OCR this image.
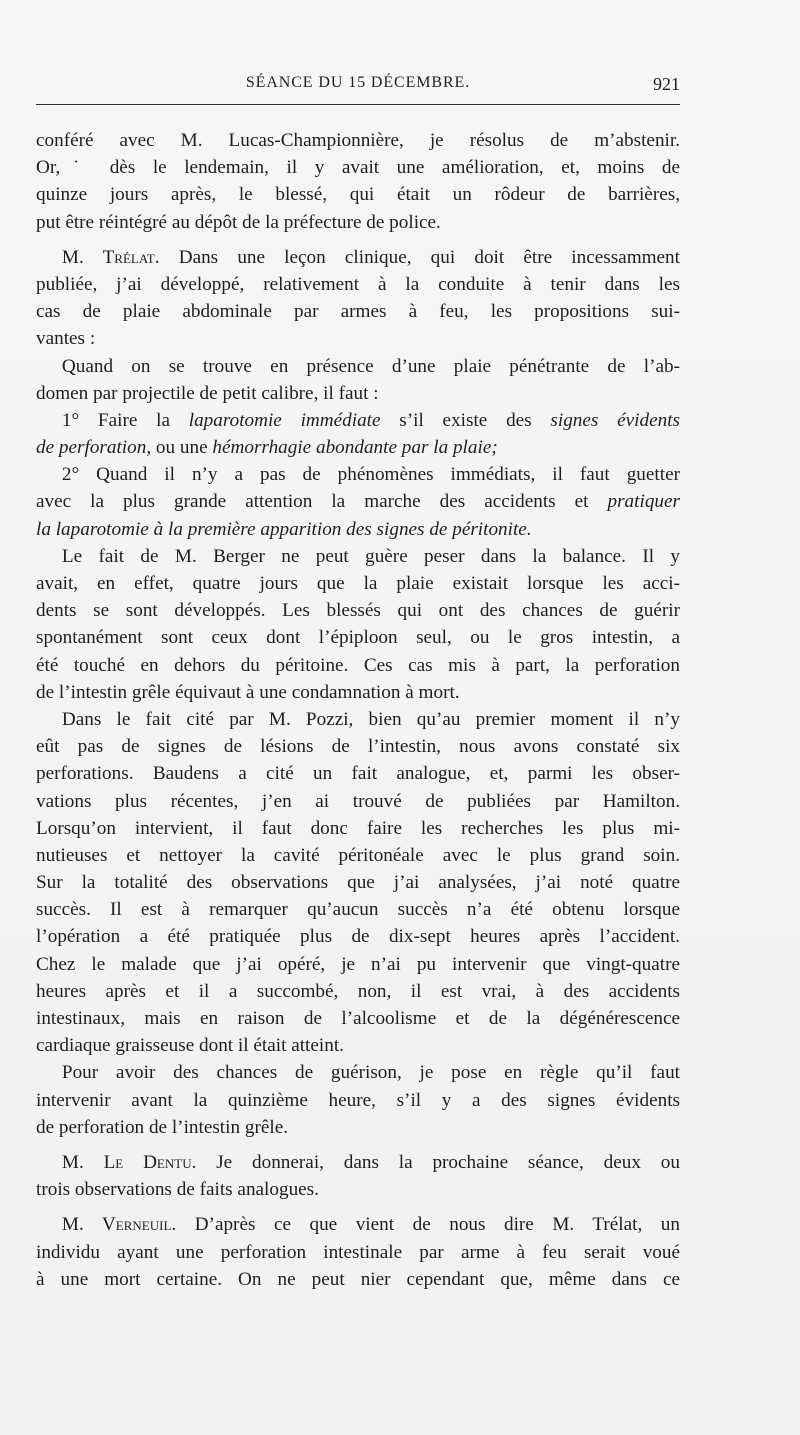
SÉANCE DU 15 DÉCEMBRE.	921
conféré avec M. Lucas-Championnière, je résolus de m’abstenir.
Or,˙ dès le lendemain, il y avait une amélioration, et, moins de
quinze jours après, le blessé, qui était un rôdeur de barrières,
put être réintégré au dépôt de la préfecture de police.
M. Trélat. Dans une leçon clinique, qui doit être incessamment
publiée, j’ai développé, relativement à la conduite à tenir dans les
cas de plaie abdominale par armes à feu, les propositions sui-
vantes :
Quand on se trouve en présence d’une plaie pénétrante de l’ab-
domen par projectile de petit calibre, il faut :
1° Faire la laparotomie immédiate s’il existe des signes évidents
de perforation, ou une hémorrhagie abondante par la plaie;
2° Quand il n’y a pas de phénomènes immédiats, il faut guetter
avec la plus grande attention la marche des accidents et pratiquer
la laparotomie à la première apparition des signes de péritonite.
Le fait de M. Berger ne peut guère peser dans la balance. Il y
avait, en effet, quatre jours que la plaie existait lorsque les acci-
dents se sont développés. Les blessés qui ont des chances de guérir
spontanément sont ceux dont l’épiploon seul, ou le gros intestin, a
été touché en dehors du péritoine. Ces cas mis à part, la perforation
de l’intestin grêle équivaut à une condamnation à mort.
Dans le fait cité par M. Pozzi, bien qu’au premier moment il n’y
eût pas de signes de lésions de l’intestin, nous avons constaté six
perforations. Baudens a cité un fait analogue, et, parmi les obser-
vations plus récentes, j’en ai trouvé de publiées par Hamilton.
Lorsqu’on intervient, il faut donc faire les recherches les plus mi-
nutieuses et nettoyer la cavité péritonéale avec le plus grand soin.
Sur la totalité des observations que j’ai analysées, j’ai noté quatre
succès. Il est à remarquer qu’aucun succès n’a été obtenu lorsque
l’opération a été pratiquée plus de dix-sept heures après l’accident.
Chez le malade que j’ai opéré, je n’ai pu intervenir que vingt-quatre
heures après et il a succombé, non, il est vrai, à des accidents
intestinaux, mais en raison de l’alcoolisme et de la dégénérescence
cardiaque graisseuse dont il était atteint.
Pour avoir des chances de guérison, je pose en règle qu’il faut
intervenir avant la quinzième heure, s’il y a des signes évidents
de perforation de l’intestin grêle.
M. Le Dentu. Je donnerai, dans la prochaine séance, deux ou
trois observations de faits analogues.
M. Verneuil. D’après ce que vient de nous dire M. Trélat, un
individu ayant une perforation intestinale par arme à feu serait voué
à une mort certaine. On ne peut nier cependant que, même dans ce
